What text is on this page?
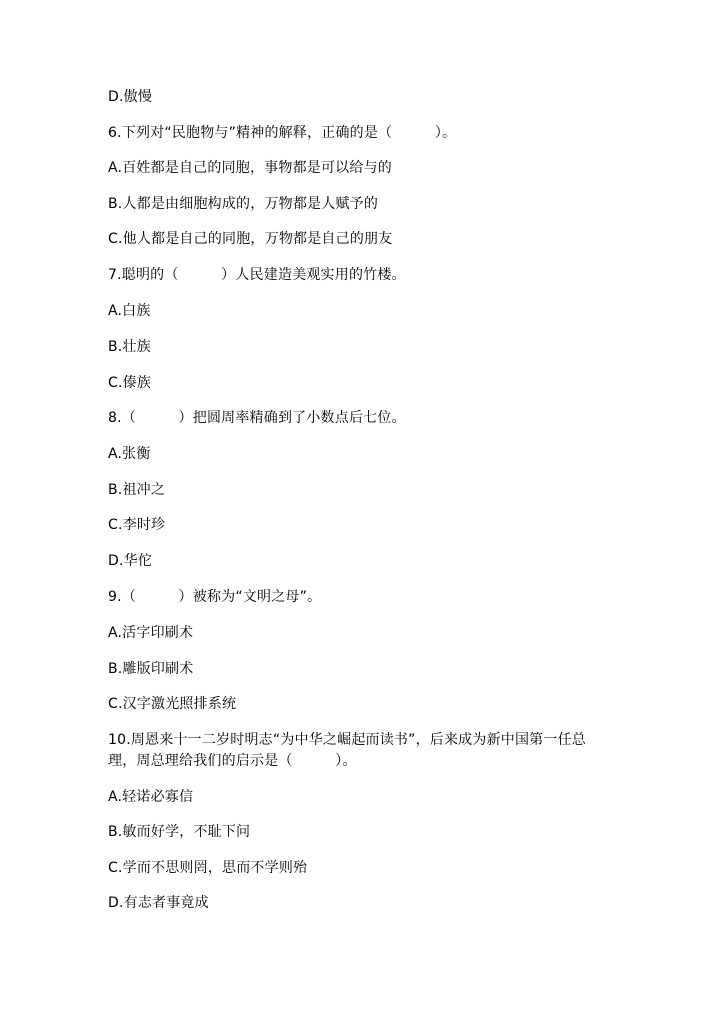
D.傲慢
6.下列对“民胞物与”精神的解释，正确的是（　　　）。
A.百姓都是自己的同胞，事物都是可以给与的
B.人都是由细胞构成的，万物都是人赋予的
C.他人都是自己的同胞，万物都是自己的朋友
7.聪明的（　　　）人民建造美观实用的竹楼。
A.白族
B.壮族
C.傣族
8.（　　　）把圆周率精确到了小数点后七位。
A.张衡
B.祖冲之
C.李时珍
D.华佗
9.（　　　）被称为“文明之母”。
A.活字印刷术
B.雕版印刷术
C.汉字激光照排系统
10.周恩来十一二岁时明志“为中华之崛起而读书”，后来成为新中国第一任总
理，周总理给我们的启示是（　　　）。
A.轻诺必寡信
B.敏而好学，不耻下问
C.学而不思则罔，思而不学则殆
D.有志者事竟成
